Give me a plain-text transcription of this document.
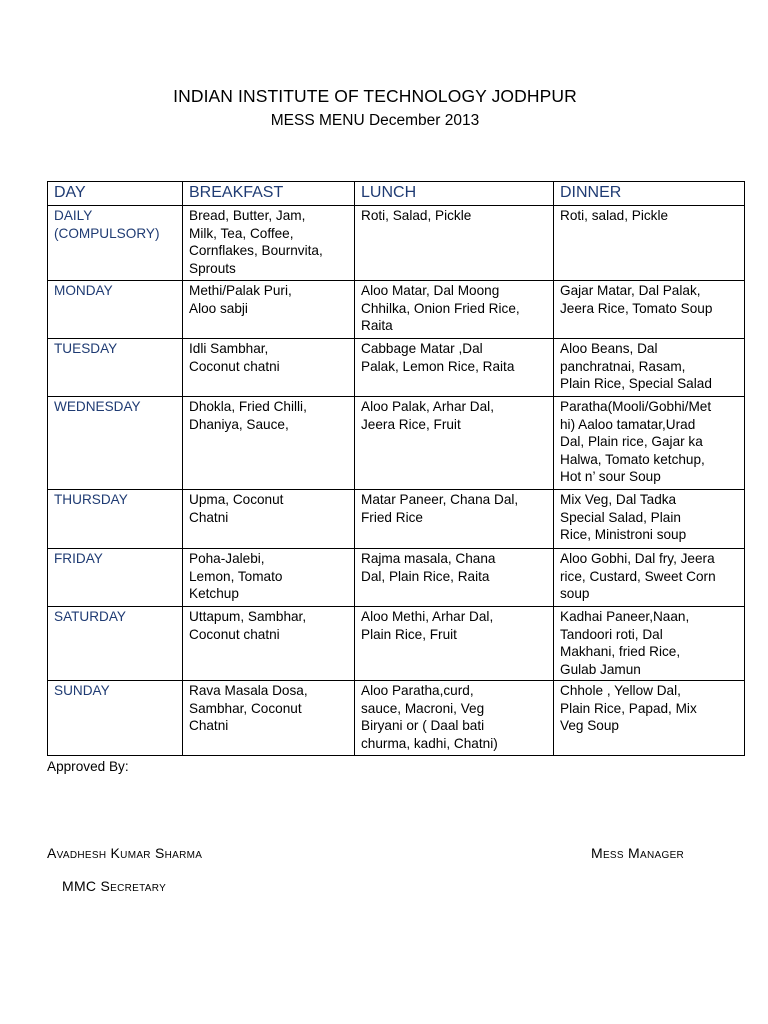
INDIAN INSTITUTE OF TECHNOLOGY JODHPUR
MESS MENU December 2013
DAY	BREAKFAST	LUNCH	DINNER
DAILY
(COMPULSORY)	Bread, Butter, Jam,
Milk, Tea, Coffee,
Cornflakes, Bournvita,
Sprouts	Roti, Salad, Pickle	Roti, salad, Pickle
MONDAY	Methi/Palak Puri,
Aloo sabji	Aloo Matar, Dal Moong
Chhilka, Onion Fried Rice,
Raita	Gajar Matar, Dal Palak,
Jeera Rice, Tomato Soup
TUESDAY	Idli Sambhar,
Coconut chatni	Cabbage Matar ,Dal
Palak, Lemon Rice, Raita	Aloo Beans, Dal
panchratnai, Rasam,
Plain Rice, Special Salad
WEDNESDAY	Dhokla, Fried Chilli,
Dhaniya, Sauce,	Aloo Palak, Arhar Dal,
Jeera Rice, Fruit	Paratha(Mooli/Gobhi/Met
hi) Aaloo tamatar,Urad
Dal, Plain rice, Gajar ka
Halwa, Tomato ketchup,
Hot n’ sour Soup
THURSDAY	Upma, Coconut
Chatni	Matar Paneer, Chana Dal,
Fried Rice	Mix Veg, Dal Tadka
Special Salad, Plain
Rice, Ministroni soup
FRIDAY	Poha-Jalebi,
Lemon, Tomato
Ketchup	Rajma masala, Chana
Dal, Plain Rice, Raita	Aloo Gobhi, Dal fry, Jeera
rice, Custard, Sweet Corn
soup
SATURDAY	Uttapum, Sambhar,
Coconut chatni	Aloo Methi, Arhar Dal,
Plain Rice, Fruit	Kadhai Paneer,Naan,
Tandoori roti, Dal
Makhani, fried Rice,
Gulab Jamun
SUNDAY	Rava Masala Dosa,
Sambhar, Coconut
Chatni	Aloo Paratha,curd,
sauce, Macroni, Veg
Biryani or ( Daal bati
churma, kadhi, Chatni)	Chhole , Yellow Dal,
Plain Rice, Papad, Mix
Veg Soup
Approved By:
Avadhesh Kumar Sharma	Mess Manager
MMC Secretary
